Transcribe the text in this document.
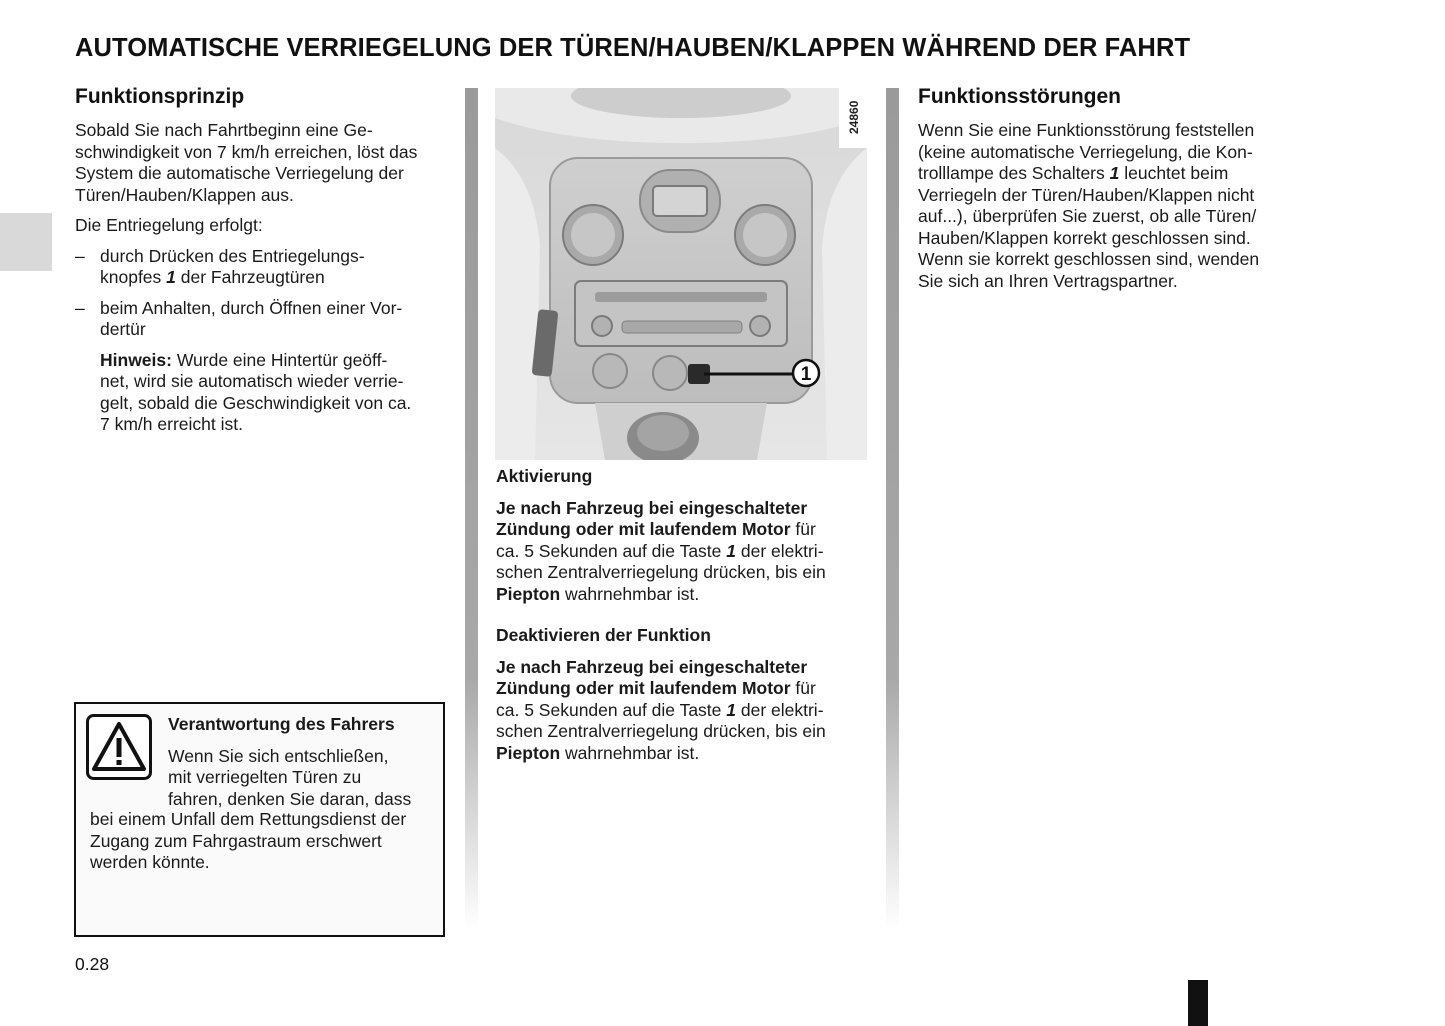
AUTOMATISCHE VERRIEGELUNG DER TÜREN/HAUBEN/KLAPPEN WÄHREND DER FAHRT
Funktionsprinzip

Sobald Sie nach Fahrtbeginn eine Ge-

schwindigkeit von 7 km/h erreichen, löst das

System die automatische Verriegelung der

Türen/Hauben/Klappen aus.

Die Entriegelung erfolgt:

– durch Drücken des Entriegelungs-

knopfes 1 der Fahrzeugtüren

– beim Anhalten, durch Öffnen einer Vor-

dertür

Hinweis: Wurde eine Hintertür geöff-

net, wird sie automatisch wieder verrie-

gelt, sobald die Geschwindigkeit von ca.

7 km/h erreicht ist.

Verantwortung des Fahrers

Wenn Sie sich entschließen,

mit verriegelten Türen zu

fahren, denken Sie daran, dass

bei einem Unfall dem Rettungsdienst der

Zugang zum Fahrgastraum erschwert

werden könnte.

24860
1

Aktivierung

Je nach Fahrzeug bei eingeschalteter

Zündung oder mit laufendem Motor für

ca. 5 Sekunden auf die Taste 1 der elektri-

schen Zentralverriegelung drücken, bis ein

Piepton wahrnehmbar ist.

Deaktivieren der Funktion

Je nach Fahrzeug bei eingeschalteter

Zündung oder mit laufendem Motor für

ca. 5 Sekunden auf die Taste 1 der elektri-

schen Zentralverriegelung drücken, bis ein

Piepton wahrnehmbar ist.

Funktionsstörungen

Wenn Sie eine Funktionsstörung feststellen

(keine automatische Verriegelung, die Kon-

trolllampe des Schalters 1 leuchtet beim

Verriegeln der Türen/Hauben/Klappen nicht

auf...), überprüfen Sie zuerst, ob alle Türen/

Hauben/Klappen korrekt geschlossen sind.

Wenn sie korrekt geschlossen sind, wenden

Sie sich an Ihren Vertragspartner.

0.28
